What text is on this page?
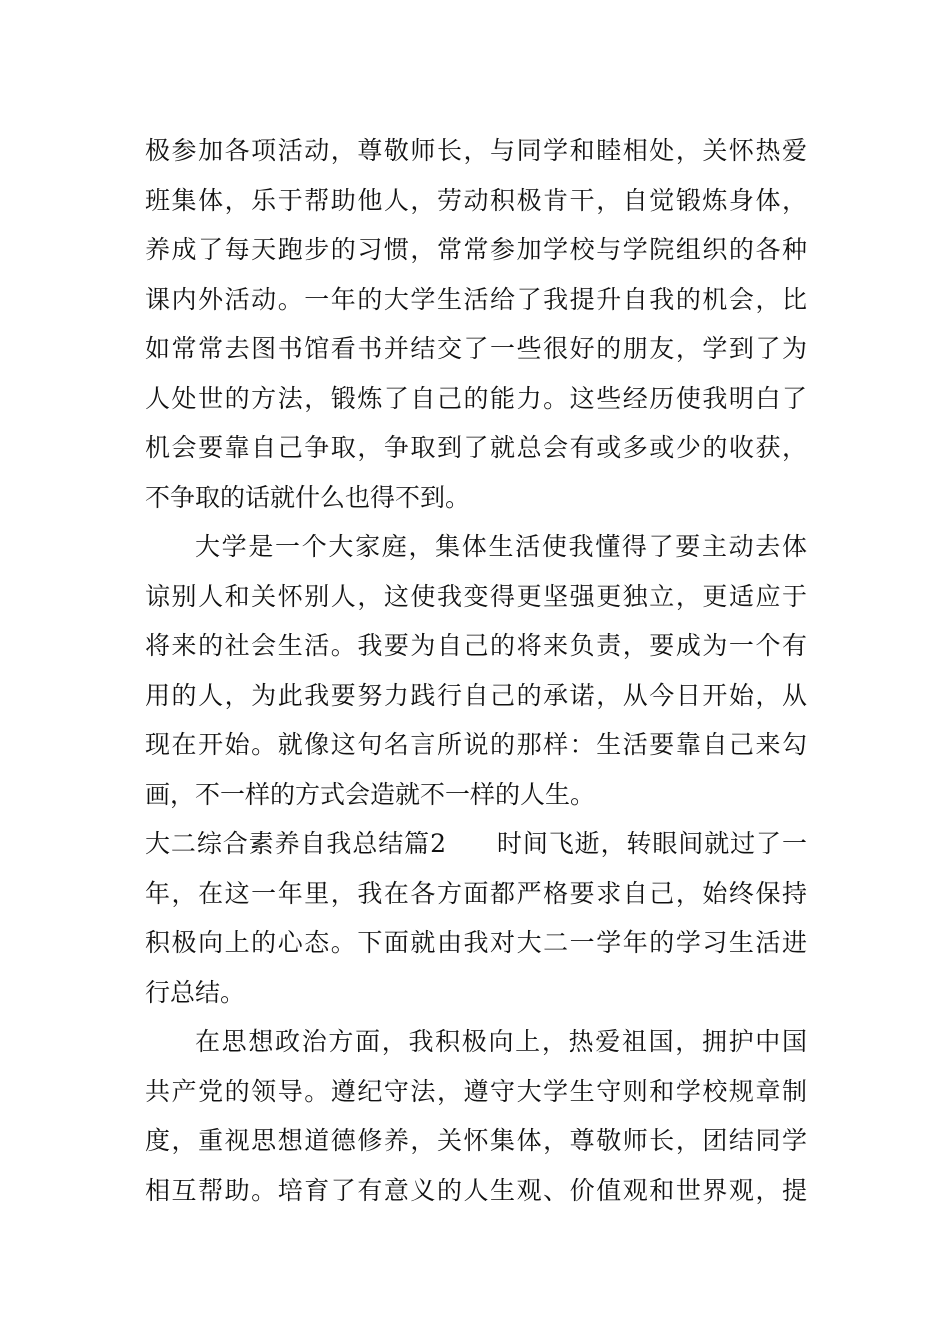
极参加各项活动，尊敬师长，与同学和睦相处，关怀热爱
班集体，乐于帮助他人，劳动积极肯干，自觉锻炼身体，
养成了每天跑步的习惯，常常参加学校与学院组织的各种
课内外活动。一年的大学生活给了我提升自我的机会，比
如常常去图书馆看书并结交了一些很好的朋友，学到了为
人处世的方法，锻炼了自己的能力。这些经历使我明白了
机会要靠自己争取，争取到了就总会有或多或少的收获，
不争取的话就什么也得不到。
大学是一个大家庭，集体生活使我懂得了要主动去体
谅别人和关怀别人，这使我变得更坚强更独立，更适应于
将来的社会生活。我要为自己的将来负责，要成为一个有
用的人，为此我要努力践行自己的承诺，从今日开始，从
现在开始。就像这句名言所说的那样：生活要靠自己来勾
画，不一样的方式会造就不一样的人生。
大二综合素养自我总结篇2 时间飞逝，转眼间就过了一
年，在这一年里，我在各方面都严格要求自己，始终保持
积极向上的心态。下面就由我对大二一学年的学习生活进
行总结。
在思想政治方面，我积极向上，热爱祖国，拥护中国
共产党的领导。遵纪守法，遵守大学生守则和学校规章制
度，重视思想道德修养，关怀集体，尊敬师长，团结同学
相互帮助。培育了有意义的人生观、价值观和世界观，提
